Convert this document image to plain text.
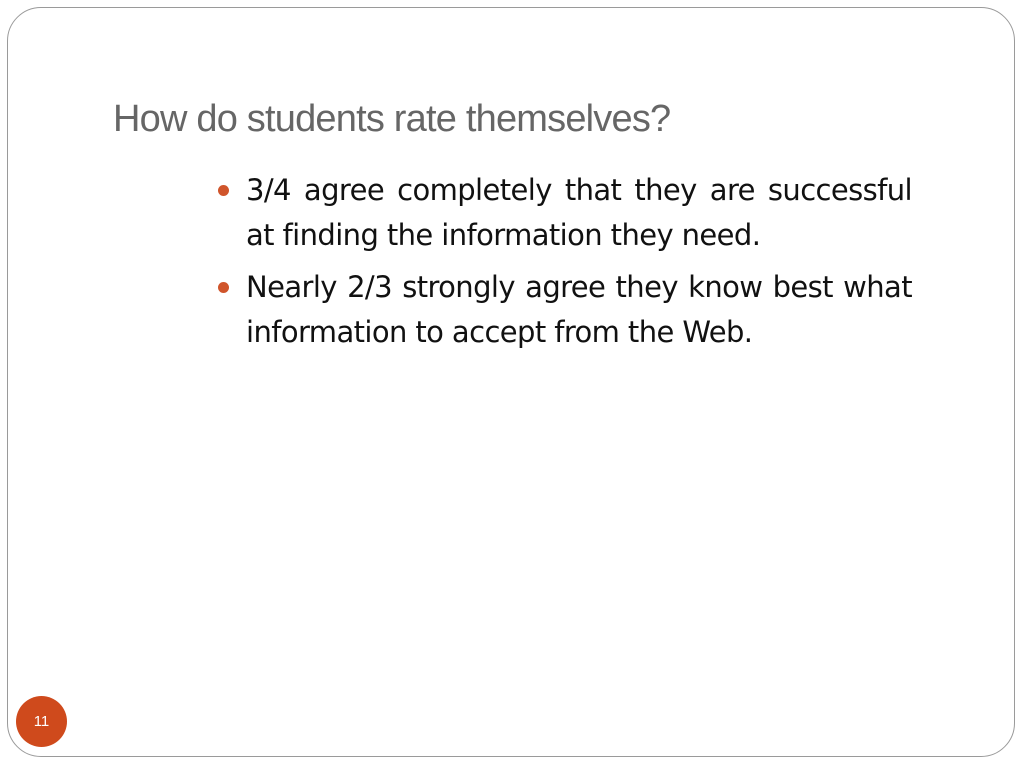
How do students rate themselves?
3/4 agree completely that they are successful at finding the information they need.
Nearly 2/3 strongly agree they know best what information to accept from the Web.
11
